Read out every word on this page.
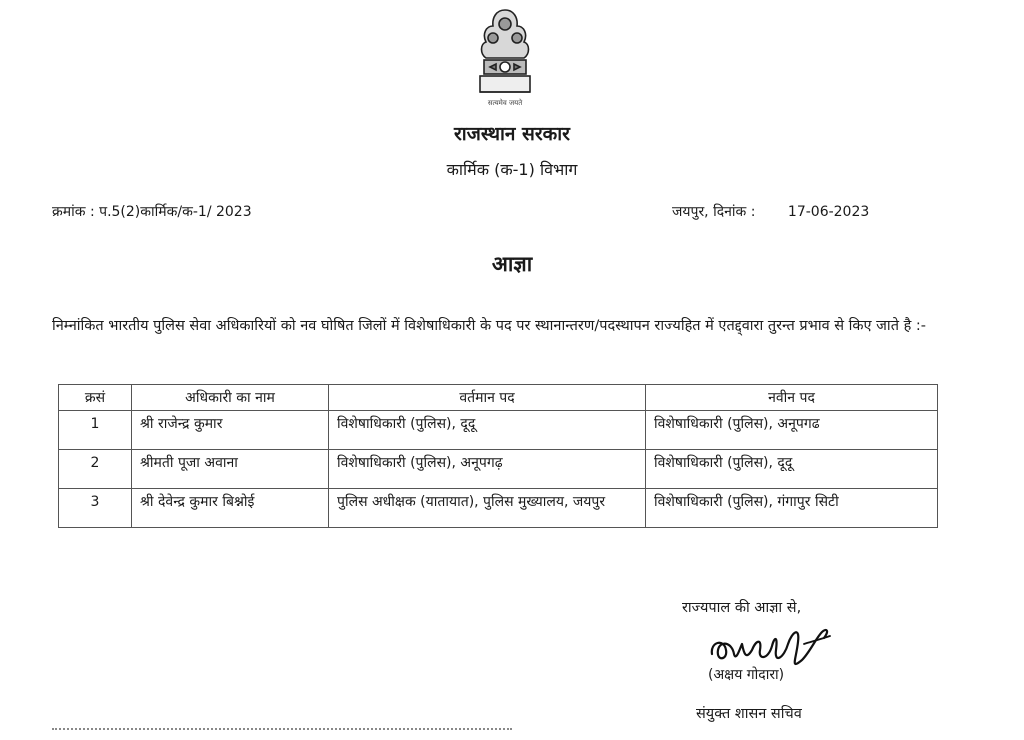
सत्यमेव जयते
राजस्थान सरकार
कार्मिक (क-1) विभाग
क्रमांक : प.5(2)कार्मिक/क-1/ 2023	जयपुर, दिनांक : 17-06-2023
आज्ञा
निम्नांकित भारतीय पुलिस सेवा अधिकारियों को नव घोषित जिलों में विशेषाधिकारी के पद पर स्थानान्तरण/पदस्थापन राज्यहित में एतद्द्वारा तुरन्त प्रभाव से किए जाते है :-
क्रसं	अधिकारी का नाम	वर्तमान पद	नवीन पद
1	श्री राजेन्द्र कुमार	विशेषाधिकारी (पुलिस), दूदू	विशेषाधिकारी (पुलिस), अनूपगढ
2	श्रीमती पूजा अवाना	विशेषाधिकारी (पुलिस), अनूपगढ़	विशेषाधिकारी (पुलिस), दूदू
3	श्री देवेन्द्र कुमार बिश्नोई	पुलिस अधीक्षक (यातायात), पुलिस मुख्यालय, जयपुर	विशेषाधिकारी (पुलिस), गंगापुर सिटी
राज्यपाल की आज्ञा से,
(अक्षय गोदारा)
संयुक्त शासन सचिव
